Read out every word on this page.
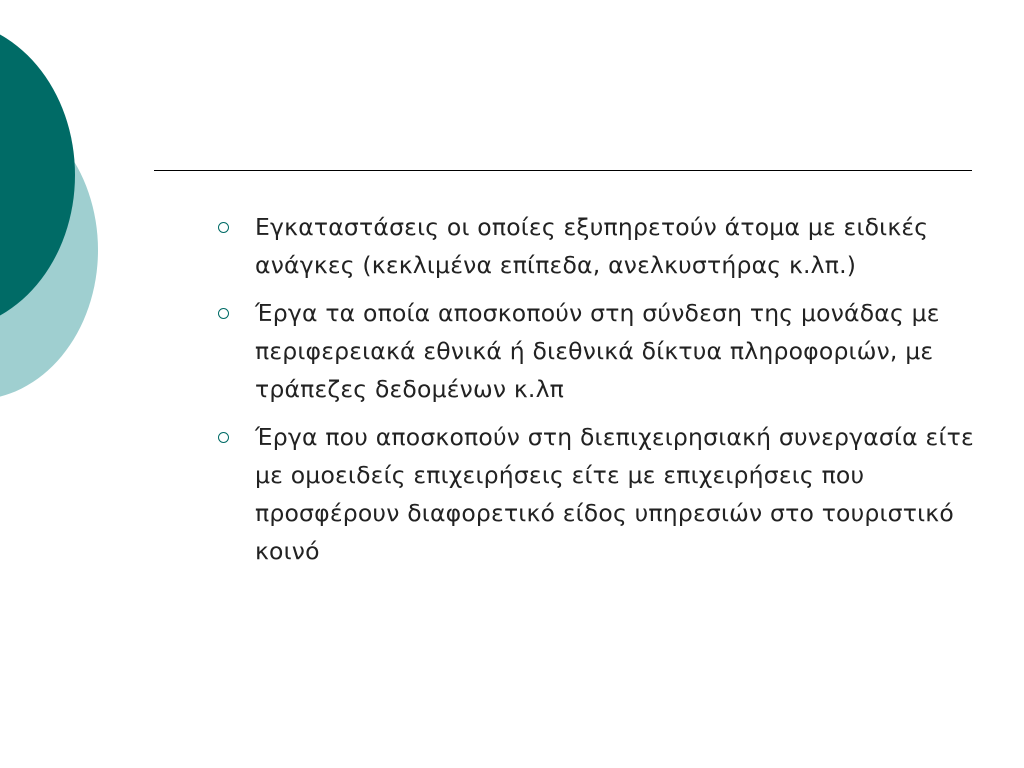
Εγκαταστάσεις οι οποίες εξυπηρετούν άτομα με ειδικές ανάγκες (κεκλιμένα επίπεδα, ανελκυστήρας κ.λπ.)
Έργα τα οποία αποσκοπούν στη σύνδεση της μονάδας με περιφερειακά εθνικά ή διεθνικά δίκτυα πληροφοριών, με τράπεζες δεδομένων κ.λπ
Έργα που αποσκοπούν στη διεπιχειρησιακή συνεργασία είτε με ομοειδείς επιχειρήσεις είτε με επιχειρήσεις που προσφέρουν διαφορετικό είδος υπηρεσιών στο τουριστικό κοινό
